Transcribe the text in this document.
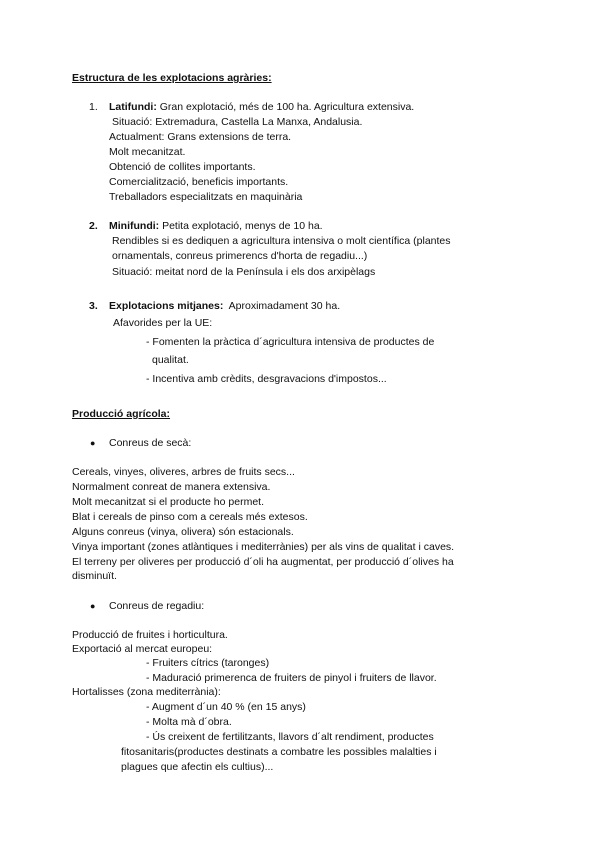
Estructura de les explotacions agràries:
1. Latifundi: Gran explotació, més de 100 ha. Agricultura extensiva.
Situació: Extremadura, Castella La Manxa, Andalusia.
Actualment: Grans extensions de terra.
Molt mecanitzat.
Obtenció de collites importants.
Comercialització, beneficis importants.
Treballadors especialitzats en maquinària
2. Minifundi: Petita explotació, menys de 10 ha.
Rendibles si es dediquen a agricultura intensiva o molt científica (plantes
ornamentals, conreus primerencs d'horta de regadiu...)
Situació: meitat nord de la Península i els dos arxipèlags
3. Explotacions mitjanes: Aproximadament 30 ha.
Afavorides per la UE:
- Fomenten la pràctica d´agricultura intensiva de productes de
qualitat.
- Incentiva amb crèdits, desgravacions d'impostos...
Producció agrícola:
● Conreus de secà:
Cereals, vinyes, oliveres, arbres de fruits secs...
Normalment conreat de manera extensiva.
Molt mecanitzat si el producte ho permet.
Blat i cereals de pinso com a cereals més extesos.
Alguns conreus (vinya, olivera) són estacionals.
Vinya important (zones atlàntiques i mediterrànies) per als vins de qualitat i caves.
El terreny per oliveres per producció d´oli ha augmentat, per producció d´olives ha
disminuït.
● Conreus de regadiu:
Producció de fruites i horticultura.
Exportació al mercat europeu:
- Fruiters cítrics (taronges)
- Maduració primerenca de fruiters de pinyol i fruiters de llavor.
Hortalisses (zona mediterrània):
- Augment d´un 40 % (en 15 anys)
- Molta mà d´obra.
- Ús creixent de fertilitzants, llavors d´alt rendiment, productes
fitosanitaris(productes destinats a combatre les possibles malalties i
plagues que afectin els cultius)...
